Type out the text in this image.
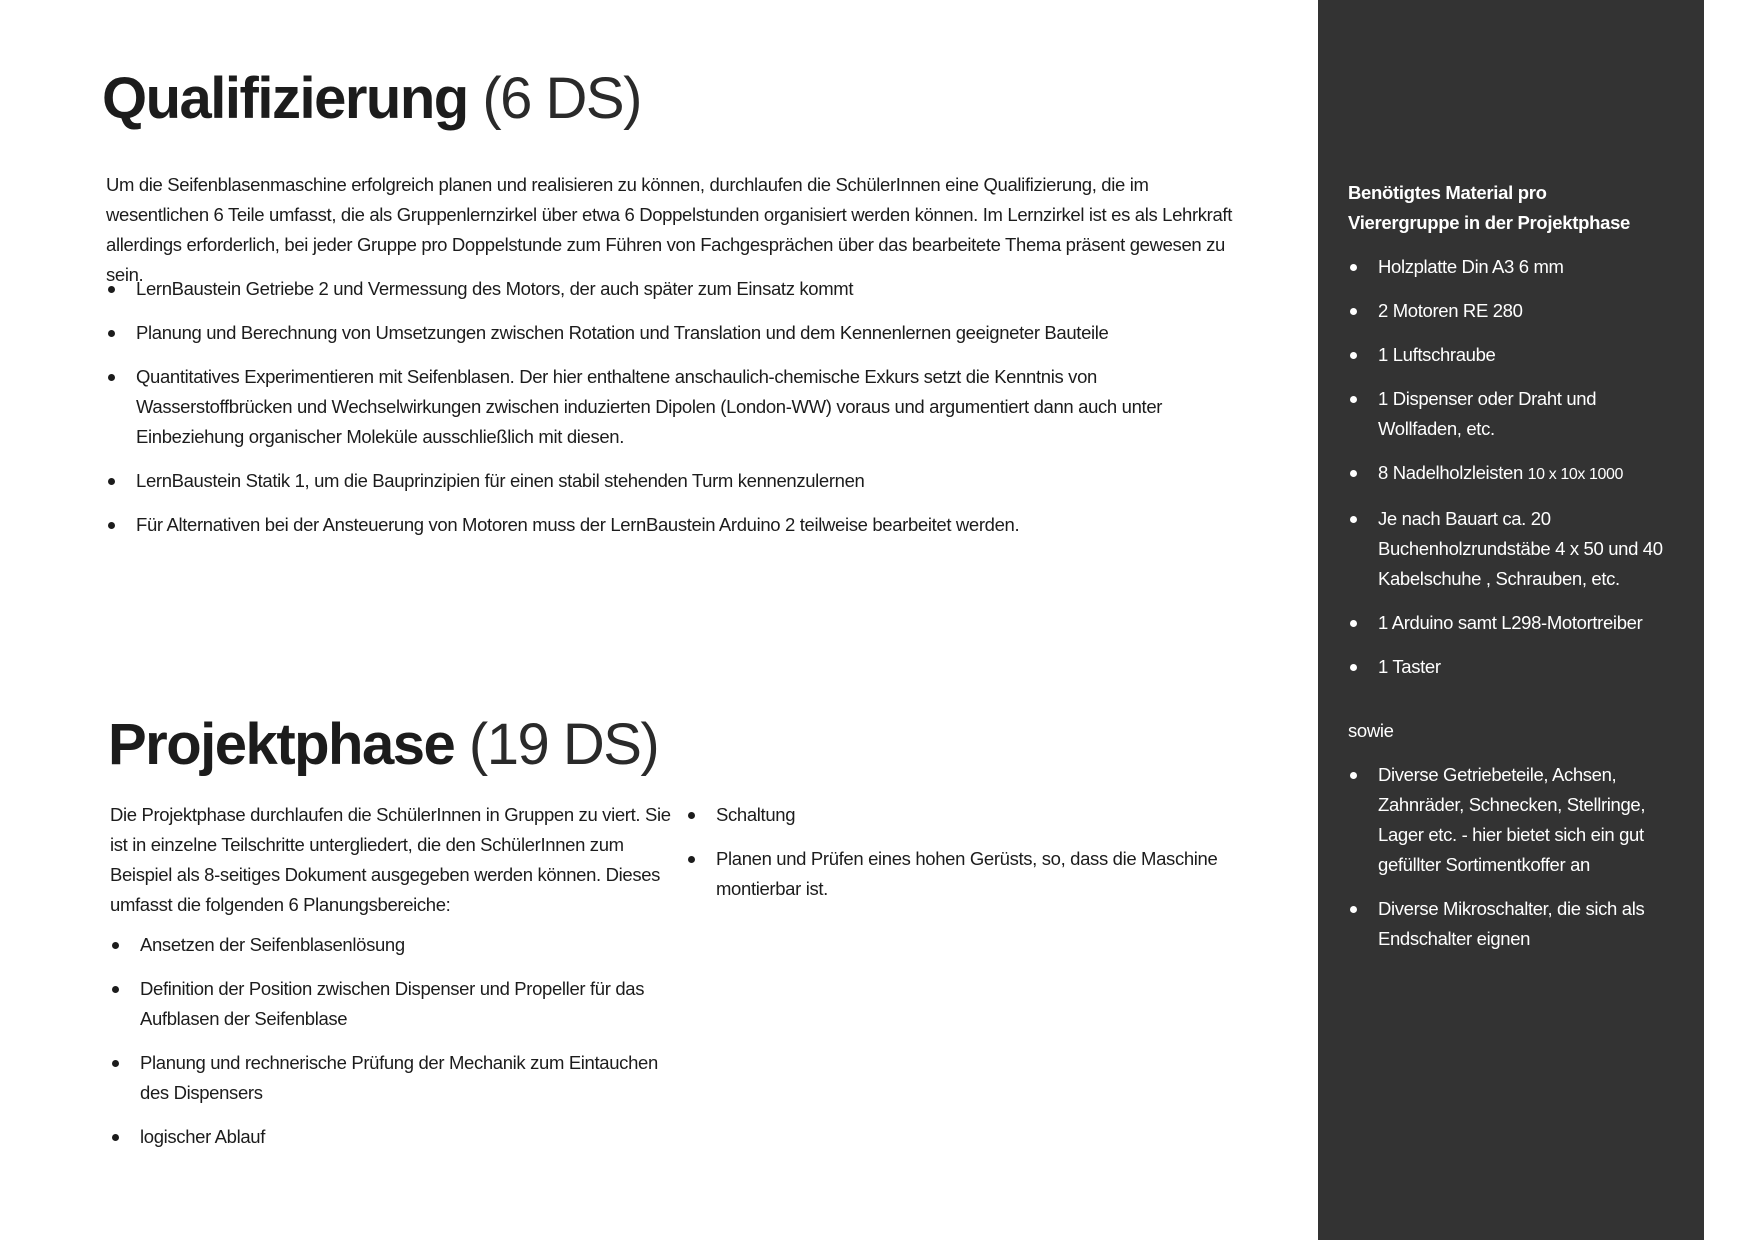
Qualifizierung (6 DS)

Um die Seifenblasenmaschine erfolgreich planen und realisieren zu können, durchlaufen die SchülerInnen eine Qualifizierung, die im wesentlichen 6 Teile umfasst, die als Gruppenlernzirkel über etwa 6 Doppelstunden organisiert werden können. Im Lernzirkel ist es als Lehrkraft allerdings erforderlich, bei jeder Gruppe pro Doppelstunde zum Führen von Fachgesprächen über das bearbeitete Thema präsent gewesen zu sein.

LernBaustein Getriebe 2 und Vermessung des Motors, der auch später zum Einsatz kommt
Planung und Berechnung von Umsetzungen zwischen Rotation und Translation und dem Kennenlernen geeigneter Bauteile
Quantitatives Experimentieren mit Seifenblasen. Der hier enthaltene anschaulich-chemische Exkurs setzt die Kenntnis von Wasserstoffbrücken und Wechselwirkungen zwischen induzierten Dipolen (London-WW) voraus und argumentiert dann auch unter Einbeziehung organischer Moleküle ausschließlich mit diesen.
LernBaustein Statik 1, um die Bauprinzipien für einen stabil stehenden Turm kennenzulernen
Für Alternativen bei der Ansteuerung von Motoren muss der LernBaustein Arduino 2 teilweise bearbeitet werden.
Projektphase (19 DS)

Die Projektphase durchlaufen die SchülerInnen in Gruppen zu viert. Sie ist in einzelne Teilschritte untergliedert, die den SchülerInnen zum Beispiel als 8-seitiges Dokument ausgegeben werden können. Dieses umfasst die folgenden 6 Planungsbereiche:

Ansetzen der Seifenblasenlösung
Definition der Position zwischen Dispenser und Propeller für das Aufblasen der Seifenblase
Planung und rechnerische Prüfung der Mechanik zum Eintauchen des Dispensers
logischer Ablauf
Schaltung
Planen und Prüfen eines hohen Gerüsts, so, dass die Maschine montierbar ist.

Benötigtes Material pro Vierergruppe in der Projektphase

Holzplatte Din A3 6 mm
2 Motoren RE 280
1 Luftschraube
1 Dispenser oder Draht und Wollfaden, etc.
8 Nadelholzleisten 10 x 10x 1000
Je nach Bauart ca. 20 Buchenholzrundstäbe 4 x 50 und 40 Kabelschuhe , Schrauben, etc.
1 Arduino samt L298-Motortreiber
1 Taster

sowie

Diverse Getriebeteile, Achsen, Zahnräder, Schnecken, Stellringe, Lager etc. - hier bietet sich ein gut gefüllter Sortimentkoffer an
Diverse Mikroschalter, die sich als Endschalter eignen
